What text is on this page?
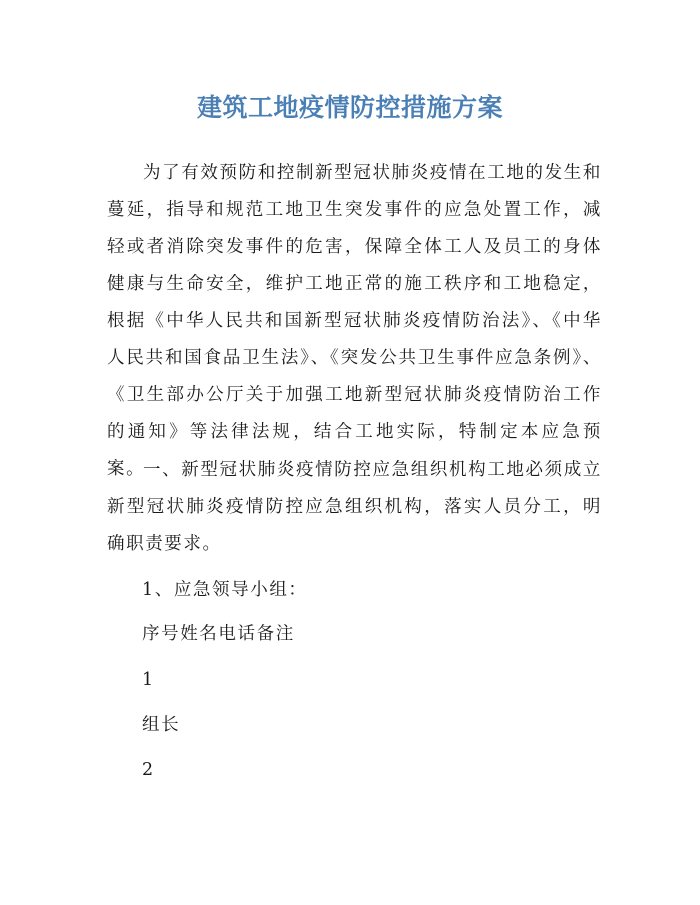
建筑工地疫情防控措施方案
为了有效预防和控制新型冠状肺炎疫情在工地的发生和蔓延，指导和规范工地卫生突发事件的应急处置工作，减轻或者消除突发事件的危害，保障全体工人及员工的身体健康与生命安全，维护工地正常的施工秩序和工地稳定，根据《中华人民共和国新型冠状肺炎疫情防治法》、《中华人民共和国食品卫生法》、《突发公共卫生事件应急条例》、《卫生部办公厅关于加强工地新型冠状肺炎疫情防治工作的通知》等法律法规，结合工地实际，特制定本应急预案。
一、新型冠状肺炎疫情防控应急组织机构工地必须成立新型冠状肺炎疫情防控应急组织机构，落实人员分工，明确职责要求。
1、应急领导小组：
序号姓名电话备注
1
组长
2
